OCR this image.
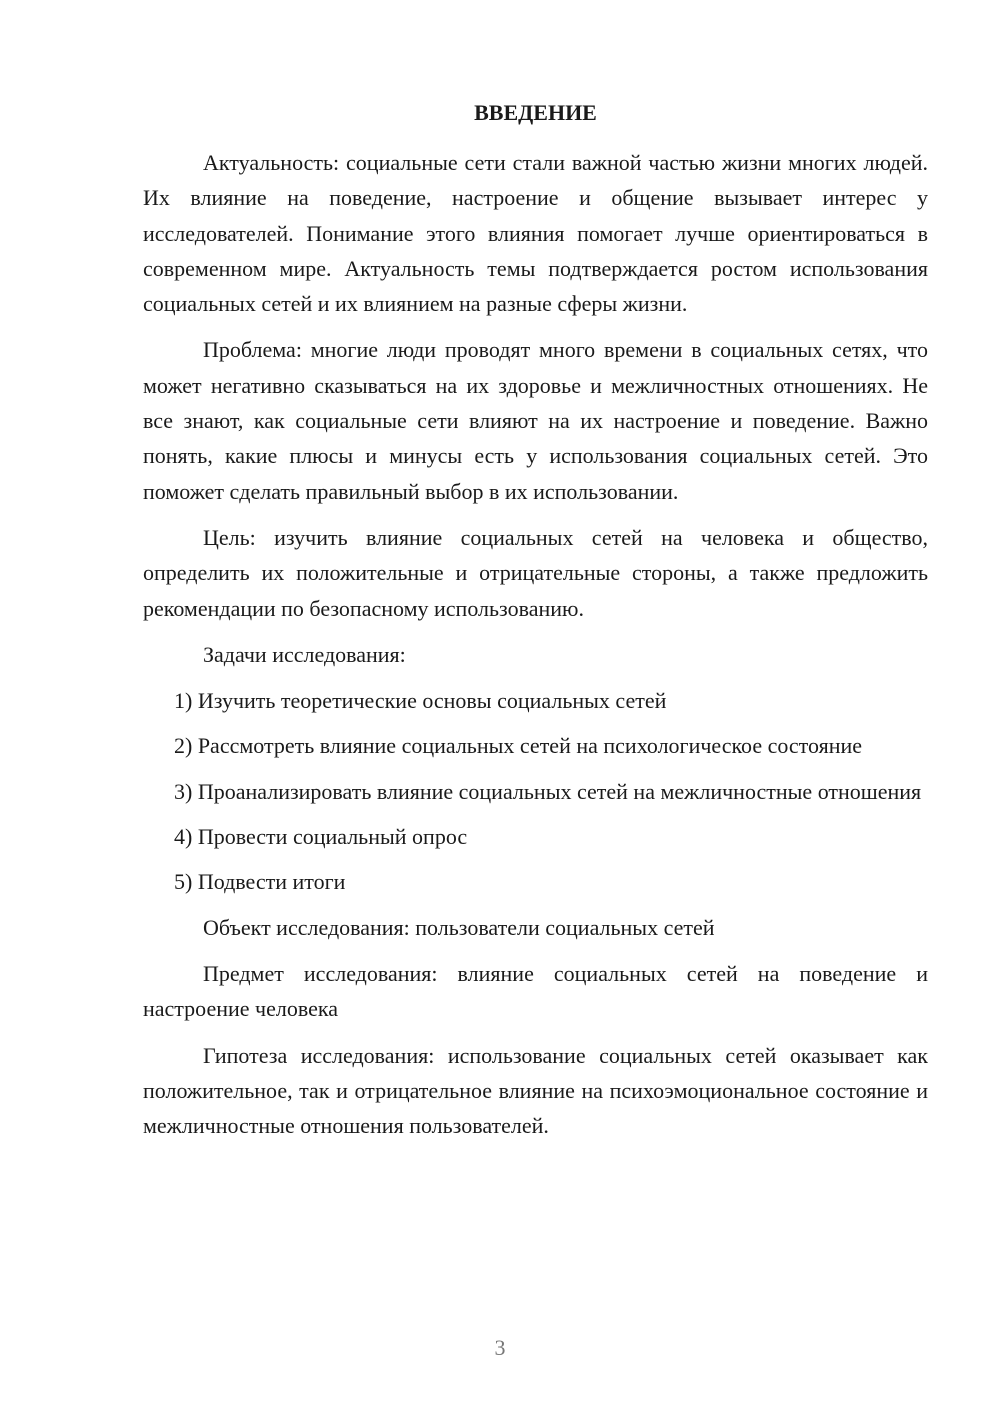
ВВЕДЕНИЕ

Актуальность: социальные сети стали важной частью жизни многих людей. Их влияние на поведение, настроение и общение вызывает интерес у исследователей. Понимание этого влияния помогает лучше ориентироваться в современном мире. Актуальность темы подтверждается ростом использования социальных сетей и их влиянием на разные сферы жизни.

Проблема: многие люди проводят много времени в социальных сетях, что может негативно сказываться на их здоровье и межличностных отношениях. Не все знают, как социальные сети влияют на их настроение и поведение. Важно понять, какие плюсы и минусы есть у использования социальных сетей. Это поможет сделать правильный выбор в их использовании.

Цель: изучить влияние социальных сетей на человека и общество, определить их положительные и отрицательные стороны, а также предложить рекомендации по безопасному использованию.

Задачи исследования:

1) Изучить теоретические основы социальных сетей

2) Рассмотреть влияние социальных сетей на психологическое состояние

3) Проанализировать влияние социальных сетей на межличностные отношения

4) Провести социальный опрос

5) Подвести итоги

Объект исследования: пользователи социальных сетей

Предмет исследования: влияние социальных сетей на поведение и настроение человека

Гипотеза исследования: использование социальных сетей оказывает как положительное, так и отрицательное влияние на психоэмоциональное состояние и межличностные отношения пользователей.

3
